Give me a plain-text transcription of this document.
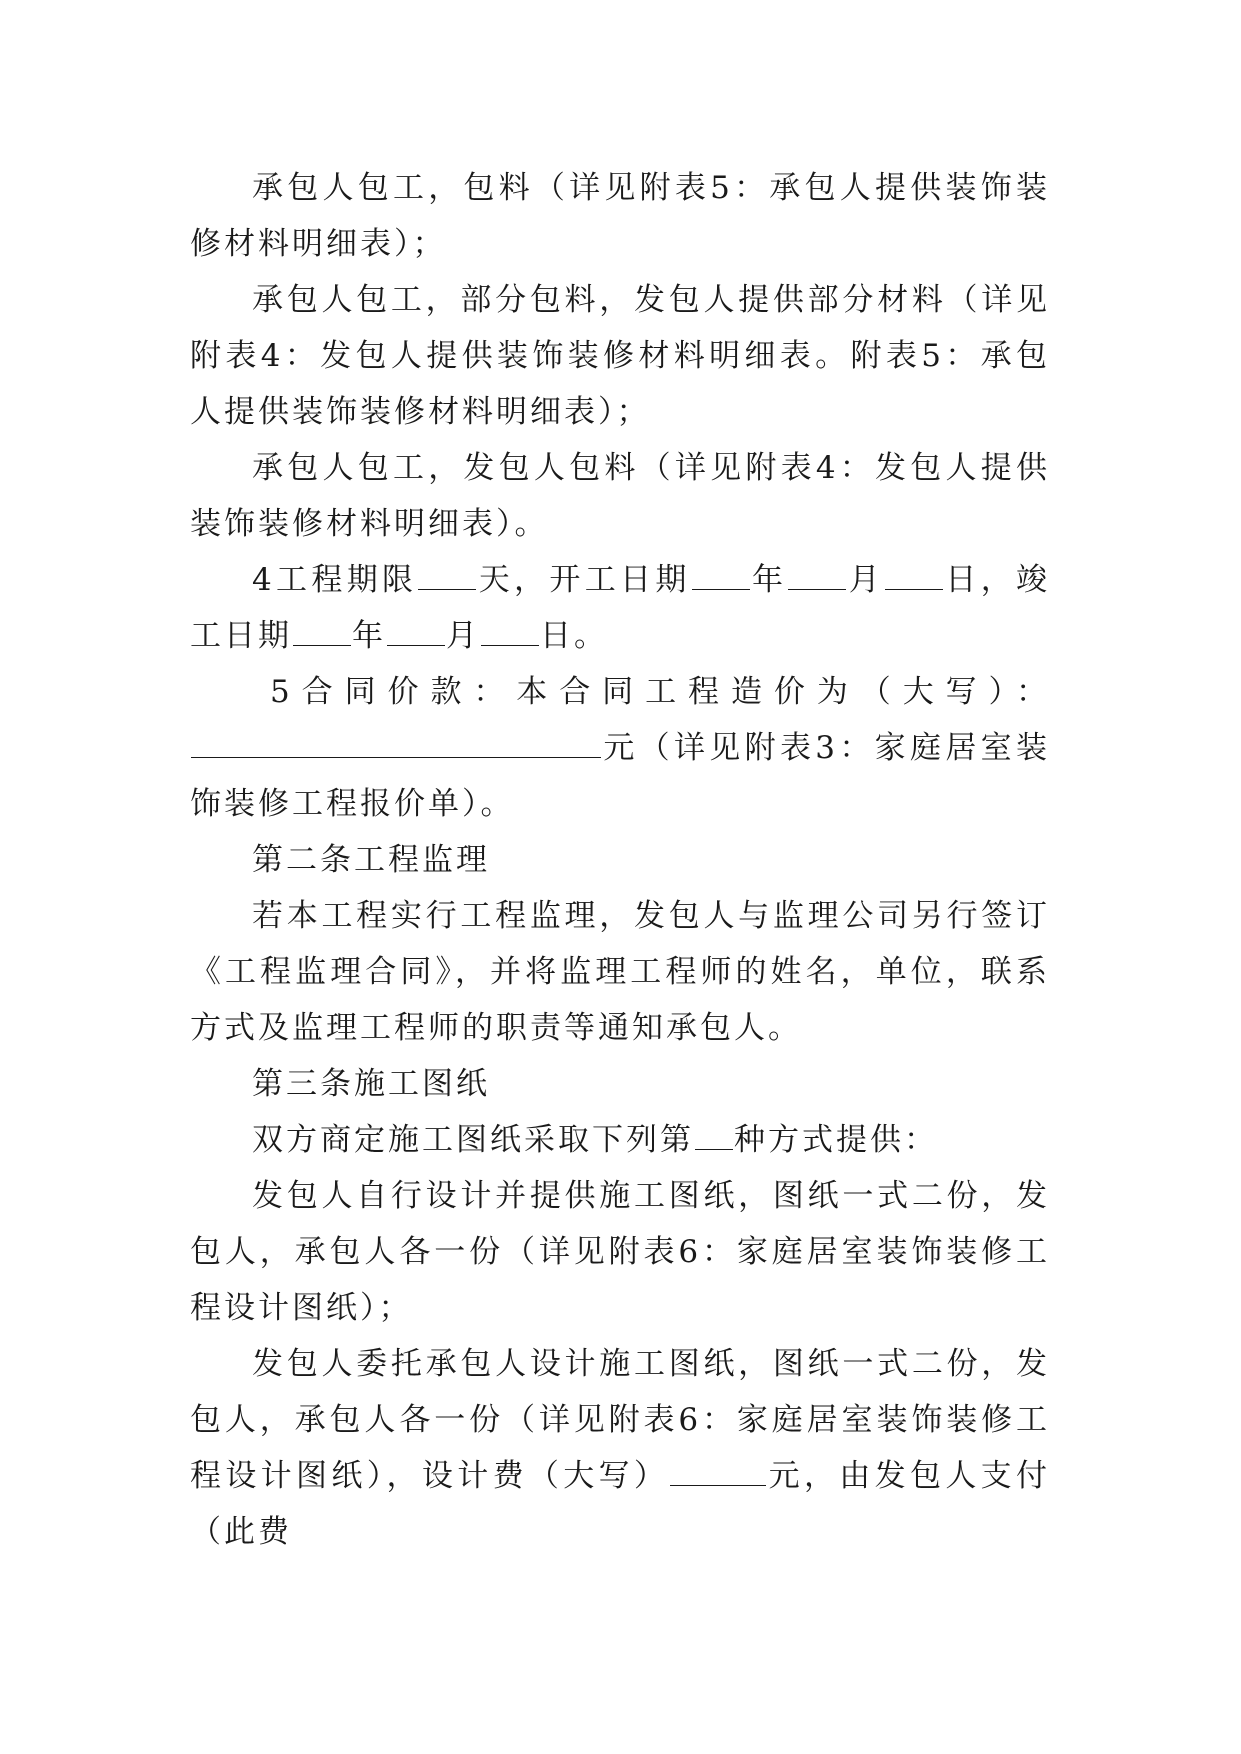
承包人包工，包料（详见附表5：承包人提供装饰装修材料明细表）；

承包人包工，部分包料，发包人提供部分材料（详见附表4：发包人提供装饰装修材料明细表。附表5：承包人提供装饰装修材料明细表）；

承包人包工，发包人包料（详见附表4：发包人提供装饰装修材料明细表）。

4工程期限 天，开工日期 年 月 日，竣工日期 年 月 日。

5合同价款：本合同工程造价为（大写）：

元（详见附表3：家庭居室装饰装修工程报价单）。

第二条工程监理

若本工程实行工程监理，发包人与监理公司另行签订《工程监理合同》，并将监理工程师的姓名，单位，联系方式及监理工程师的职责等通知承包人。

第三条施工图纸

双方商定施工图纸采取下列第 种方式提供：

发包人自行设计并提供施工图纸，图纸一式二份，发包人，承包人各一份（详见附表6：家庭居室装饰装修工程设计图纸）；

发包人委托承包人设计施工图纸，图纸一式二份，发包人，承包人各一份（详见附表6：家庭居室装饰装修工程设计图纸），设计费（大写）	元，由发包人支付（此费
